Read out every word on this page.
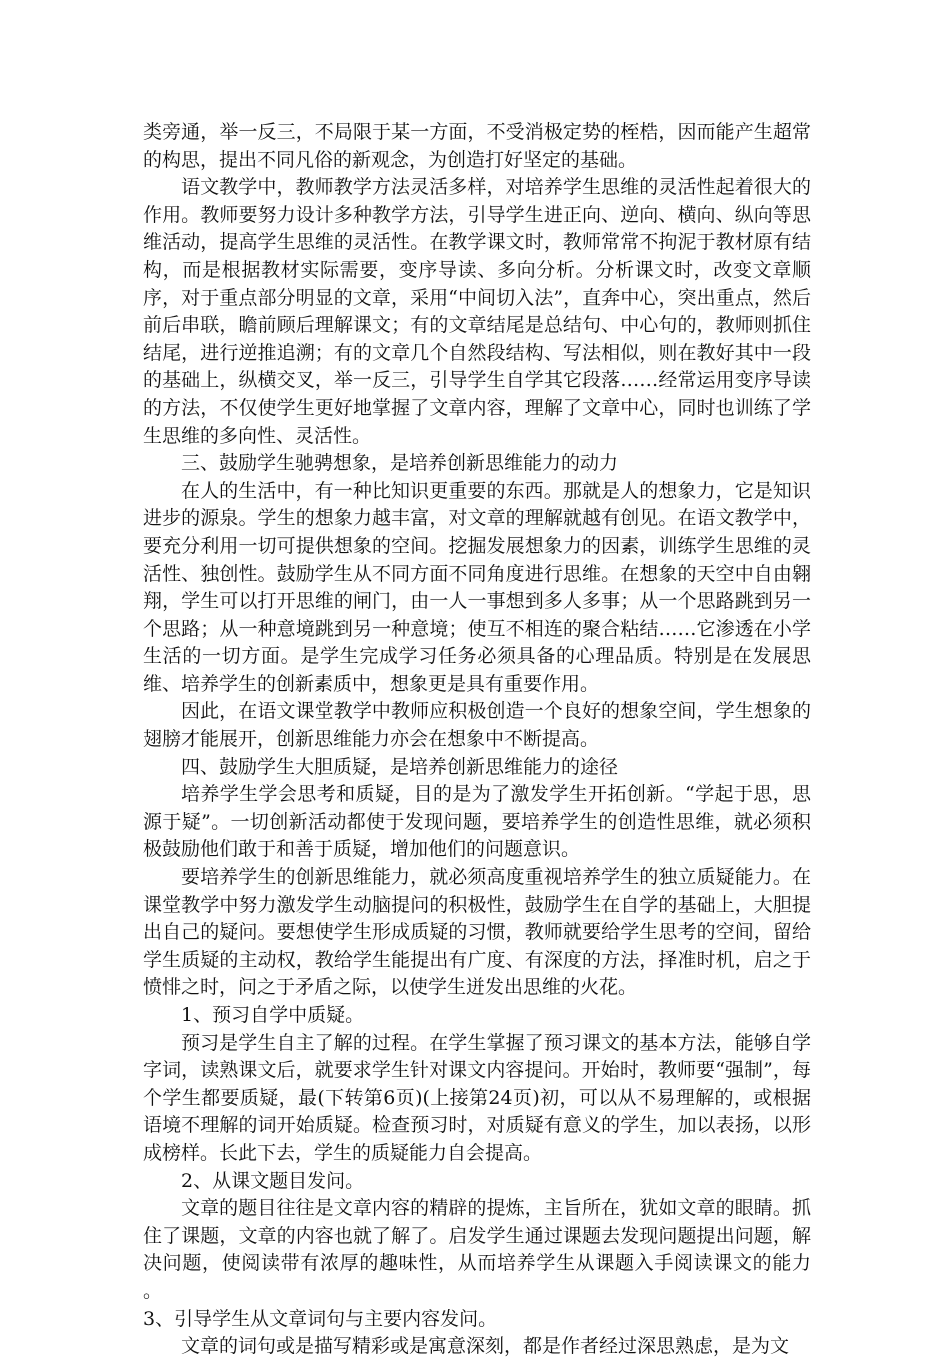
类旁通，举一反三，不局限于某一方面，不受消极定势的桎梏，因而能产生超常的构思，提出不同凡俗的新观念，为创造打好坚定的基础。

语文教学中，教师教学方法灵活多样，对培养学生思维的灵活性起着很大的作用。教师要努力设计多种教学方法，引导学生进正向、逆向、横向、纵向等思维活动，提高学生思维的灵活性。在教学课文时，教师常常不拘泥于教材原有结构，而是根据教材实际需要，变序导读、多向分析。分析课文时，改变文章顺序，对于重点部分明显的文章，采用“中间切入法”，直奔中心，突出重点，然后前后串联，瞻前顾后理解课文；有的文章结尾是总结句、中心句的，教师则抓住结尾，进行逆推追溯；有的文章几个自然段结构、写法相似，则在教好其中一段的基础上，纵横交叉，举一反三，引导学生自学其它段落……经常运用变序导读的方法，不仅使学生更好地掌握了文章内容，理解了文章中心，同时也训练了学生思维的多向性、灵活性。

三、鼓励学生驰骋想象，是培养创新思维能力的动力

在人的生活中，有一种比知识更重要的东西。那就是人的想象力，它是知识进步的源泉。学生的想象力越丰富，对文章的理解就越有创见。在语文教学中，要充分利用一切可提供想象的空间。挖掘发展想象力的因素，训练学生思维的灵活性、独创性。鼓励学生从不同方面不同角度进行思维。在想象的天空中自由翱翔，学生可以打开思维的闸门，由一人一事想到多人多事；从一个思路跳到另一个思路；从一种意境跳到另一种意境；使互不相连的聚合粘结……它渗透在小学生活的一切方面。是学生完成学习任务必须具备的心理品质。特别是在发展思维、培养学生的创新素质中，想象更是具有重要作用。

因此，在语文课堂教学中教师应积极创造一个良好的想象空间，学生想象的翅膀才能展开，创新思维能力亦会在想象中不断提高。

四、鼓励学生大胆质疑，是培养创新思维能力的途径

培养学生学会思考和质疑，目的是为了激发学生开拓创新。“学起于思，思源于疑”。一切创新活动都使于发现问题，要培养学生的创造性思维，就必须积极鼓励他们敢于和善于质疑，增加他们的问题意识。

要培养学生的创新思维能力，就必须高度重视培养学生的独立质疑能力。在课堂教学中努力激发学生动脑提问的积极性，鼓励学生在自学的基础上，大胆提出自己的疑问。要想使学生形成质疑的习惯，教师就要给学生思考的空间，留给学生质疑的主动权，教给学生能提出有广度、有深度的方法，择准时机，启之于愤悱之时，问之于矛盾之际，以使学生迸发出思维的火花。

1、预习自学中质疑。

预习是学生自主了解的过程。在学生掌握了预习课文的基本方法，能够自学字词，读熟课文后，就要求学生针对课文内容提问。开始时，教师要“强制”，每个学生都要质疑，最(下转第6页)(上接第24页)初，可以从不易理解的，或根据语境不理解的词开始质疑。检查预习时，对质疑有意义的学生，加以表扬，以形成榜样。长此下去，学生的质疑能力自会提高。

2、从课文题目发问。

文章的题目往往是文章内容的精辟的提炼，主旨所在，犹如文章的眼睛。抓住了课题，文章的内容也就了解了。启发学生通过课题去发现问题提出问题，解决问题，使阅读带有浓厚的趣味性，从而培养学生从课题入手阅读课文的能力 。

3、引导学生从文章词句与主要内容发问。

文章的词句或是描写精彩或是寓意深刻，都是作者经过深思熟虑，是为文
